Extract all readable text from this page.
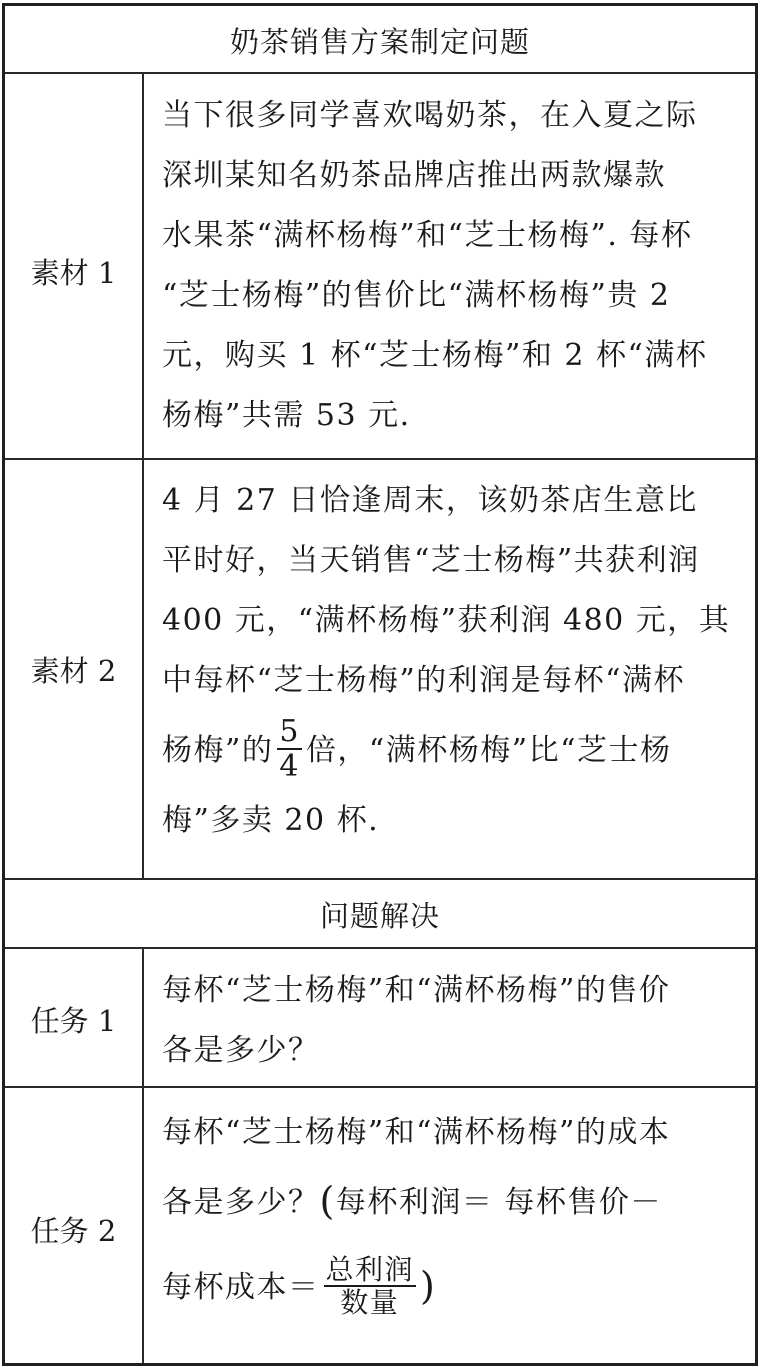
奶茶销售方案制定问题
素材 1
当下很多同学喜欢喝奶茶，在入夏之际
深圳某知名奶茶品牌店推出两款爆款
水果茶“满杯杨梅”和“芝士杨梅”. 每杯
“芝士杨梅”的售价比“满杯杨梅”贵 2
元，购买 1 杯“芝士杨梅”和 2 杯“满杯
杨梅”共需 53 元.
素材 2
4 月 27 日恰逢周末，该奶茶店生意比
平时好，当天销售“芝士杨梅”共获利润
400 元，“满杯杨梅”获利润 480 元，其
中每杯“芝士杨梅”的利润是每杯“满杯
杨梅”的 $\frac{5}{4}$ 倍，“满杯杨梅”比“芝士杨
梅”多卖 20 杯.
问题解决
任务 1
每杯“芝士杨梅”和“满杯杨梅”的售价
各是多少？
任务 2
每杯“芝士杨梅”和“满杯杨梅”的成本
各是多少？(每杯利润＝ 每杯售价－
每杯成本＝ $\frac{\text{总利润}}{\text{数量}}$ )
